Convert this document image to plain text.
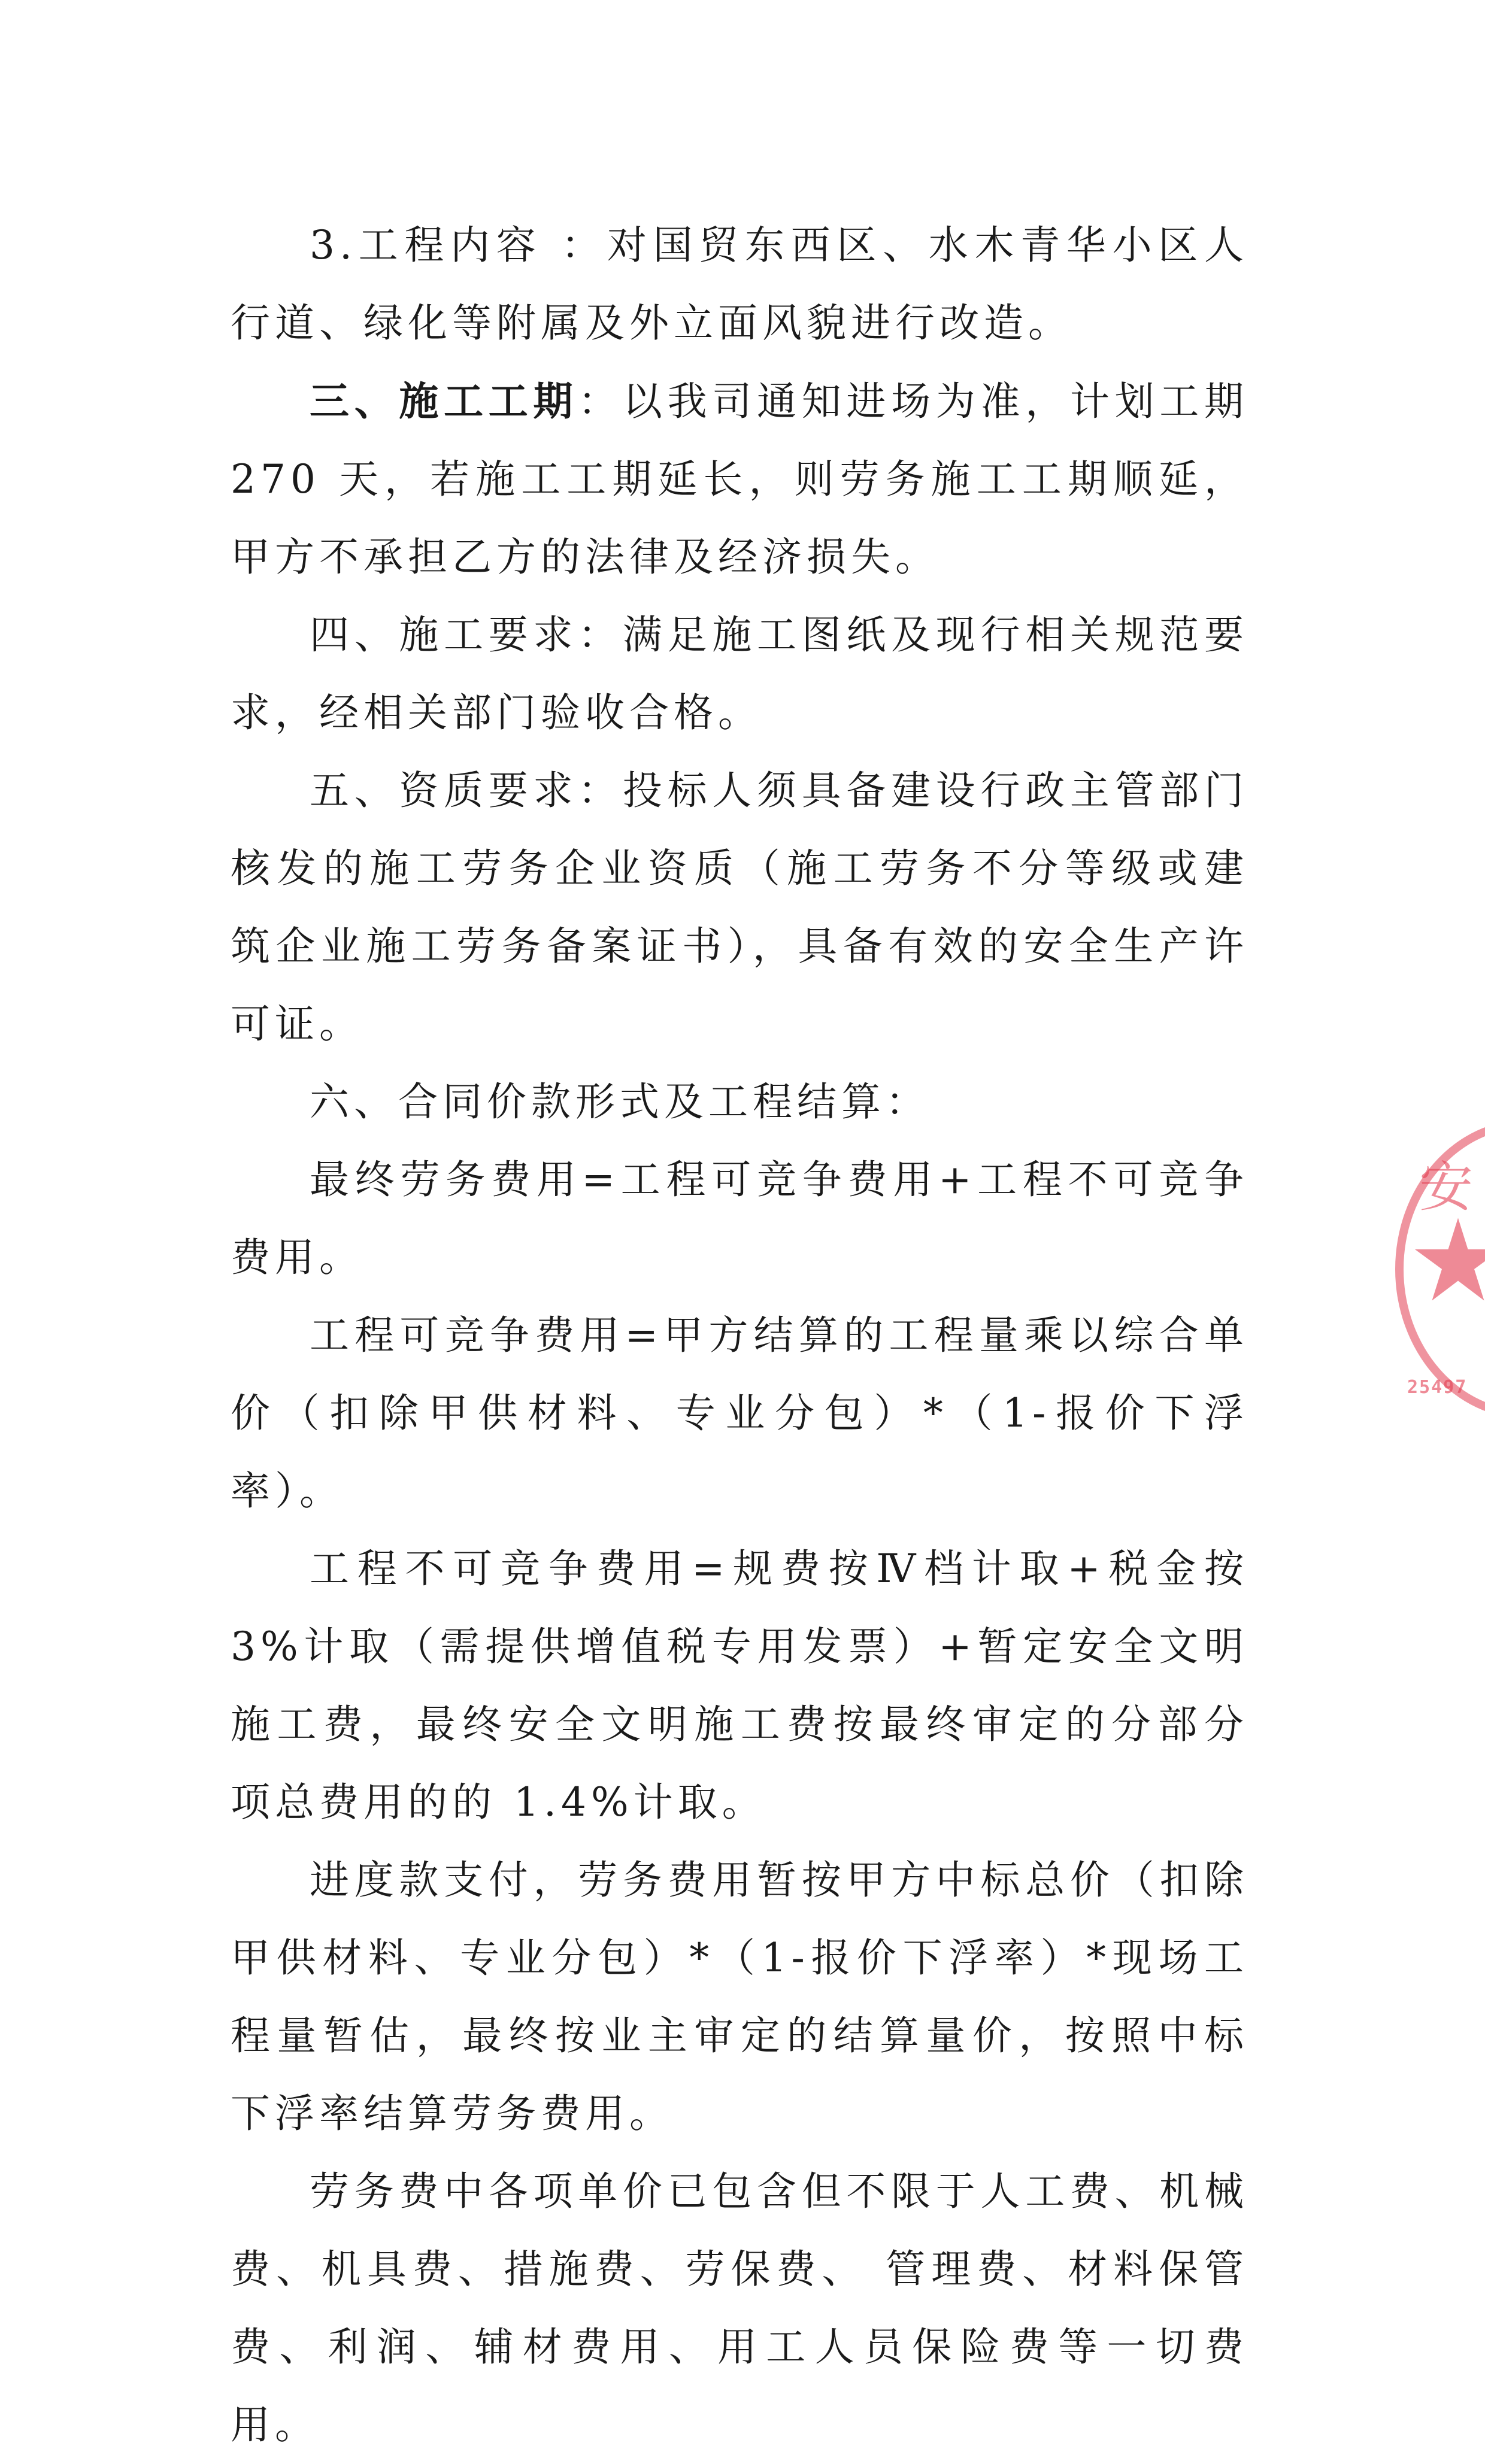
3.工程内容 ：对国贸东西区、水木青华小区人行道、绿化等附属及外立面风貌进行改造。

三、施工工期：以我司通知进场为准，计划工期 270 天，若施工工期延长，则劳务施工工期顺延，甲方不承担乙方的法律及经济损失。

四、施工要求：满足施工图纸及现行相关规范要求，经相关部门验收合格。

五、资质要求：投标人须具备建设行政主管部门核发的施工劳务企业资质（施工劳务不分等级或建筑企业施工劳务备案证书），具备有效的安全生产许可证。

六、合同价款形式及工程结算：

最终劳务费用=工程可竞争费用+工程不可竞争费用。

工程可竞争费用=甲方结算的工程量乘以综合单价（扣除甲供材料、专业分包）*（1-报价下浮率）。

工程不可竞争费用=规费按Ⅳ档计取+税金按 3%计取（需提供增值税专用发票）+暂定安全文明施工费，最终安全文明施工费按最终审定的分部分项总费用的的 1.4%计取。

进度款支付，劳务费用暂按甲方中标总价（扣除甲供材料、专业分包）*（1-报价下浮率）*现场工程量暂估，最终按业主审定的结算量价，按照中标下浮率结算劳务费用。

劳务费中各项单价已包含但不限于人工费、机械费、机具费、措施费、劳保费、 管理费、材料保管费、利润、辅材费用、用工人员保险费等一切费用。

安
25497
